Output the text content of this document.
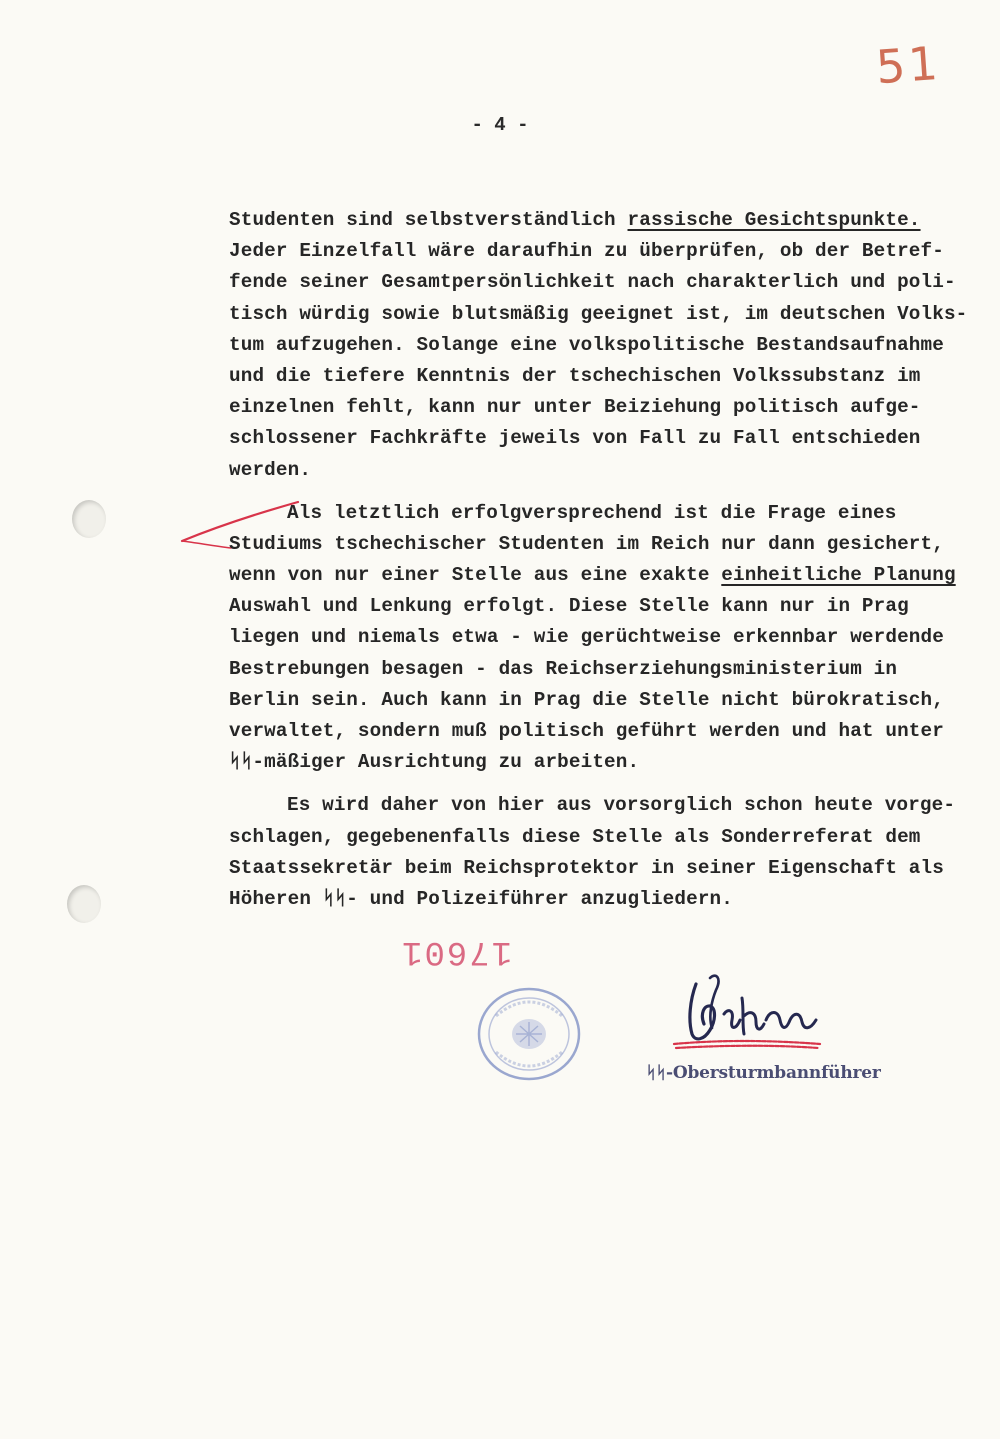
51
- 4 -
Studenten sind selbstverständlich rassische Gesichtspunkte.
Jeder Einzelfall wäre daraufhin zu überprüfen, ob der Betref-
fende seiner Gesamtpersönlichkeit nach charakterlich und poli-
tisch würdig sowie blutsmäßig geeignet ist, im deutschen Volks-
tum aufzugehen. Solange eine volkspolitische Bestandsaufnahme
und die tiefere Kenntnis der tschechischen Volkssubstanz im
einzelnen fehlt, kann nur unter Beiziehung politisch aufge-
schlossener Fachkräfte jeweils von Fall zu Fall entschieden
werden.
Als letztlich erfolgversprechend ist die Frage eines
Studiums tschechischer Studenten im Reich nur dann gesichert,
wenn von nur einer Stelle aus eine exakte einheitliche Planung
Auswahl und Lenkung erfolgt. Diese Stelle kann nur in Prag
liegen und niemals etwa - wie gerüchtweise erkennbar werdende
Bestrebungen besagen - das Reichserziehungsministerium in
Berlin sein. Auch kann in Prag die Stelle nicht bürokratisch,
verwaltet, sondern muß politisch geführt werden und hat unter
ᛋᛋ-mäßiger Ausrichtung zu arbeiten.
Es wird daher von hier aus vorsorglich schon heute vorge-
schlagen, gegebenenfalls diese Stelle als Sonderreferat dem
Staatssekretär beim Reichsprotektor in seiner Eigenschaft als
Höheren ᛋᛋ- und Polizeiführer anzugliedern.
17601
ᛋᛋ-Obersturmbannführer
